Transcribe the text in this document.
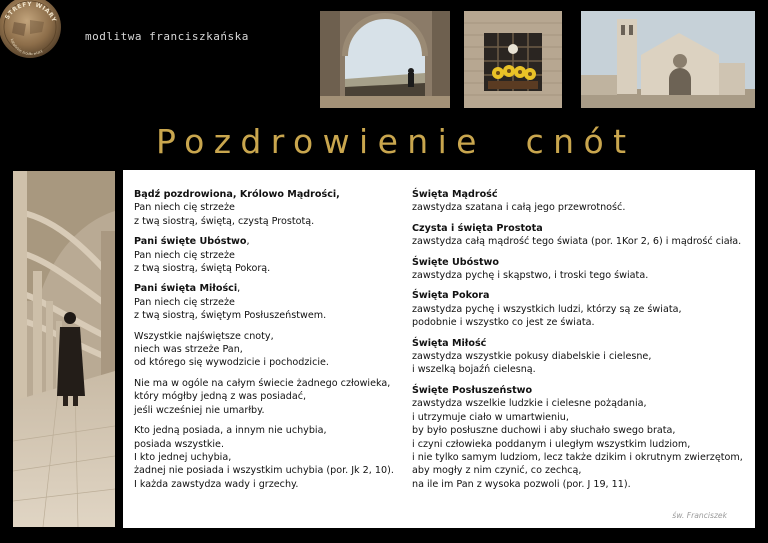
STREFY WIARY
katolickie źródło wiary
modlitwa franciszkańska
Pozdrowienie  cnót
Bądź pozdrowiona, Królowo Mądrości,
Pan niech cię strzeże
z twą siostrą, świętą, czystą Prostotą.
Pani święte Ubóstwo,
Pan niech cię strzeże
z twą siostrą, świętą Pokorą.
Pani święta Miłości,
Pan niech cię strzeże
z twą siostrą, świętym Posłuszeństwem.
Wszystkie najświętsze cnoty,
niech was strzeże Pan,
od którego się wywodzicie i pochodzicie.
Nie ma w ogóle na całym świecie żadnego człowieka,
który mógłby jedną z was posiadać,
jeśli wcześniej nie umarłby.
Kto jedną posiada, a innym nie uchybia,
posiada wszystkie.
I kto jednej uchybia,
żadnej nie posiada i wszystkim uchybia (por. Jk 2, 10).
I każda zawstydza wady i grzechy.
Święta Mądrość
zawstydza szatana i całą jego przewrotność.
Czysta i święta Prostota
zawstydza całą mądrość tego świata (por. 1Kor 2, 6) i mądrość ciała.
Święte Ubóstwo
zawstydza pychę i skąpstwo, i troski tego świata.
Święta Pokora
zawstydza pychę i wszystkich ludzi, którzy są ze świata,
podobnie i wszystko co jest ze świata.
Święta Miłość
zawstydza wszystkie pokusy diabelskie i cielesne,
i wszelką bojaźń cielesną.
Święte Posłuszeństwo
zawstydza wszelkie ludzkie i cielesne pożądania,
i utrzymuje ciało w umartwieniu,
by było posłuszne duchowi i aby słuchało swego brata,
i czyni człowieka poddanym i uległym wszystkim ludziom,
i nie tylko samym ludziom, lecz także dzikim i okrutnym zwierzętom,
aby mogły z nim czynić, co zechcą,
na ile im Pan z wysoka pozwoli (por. J 19, 11).
św. Franciszek
